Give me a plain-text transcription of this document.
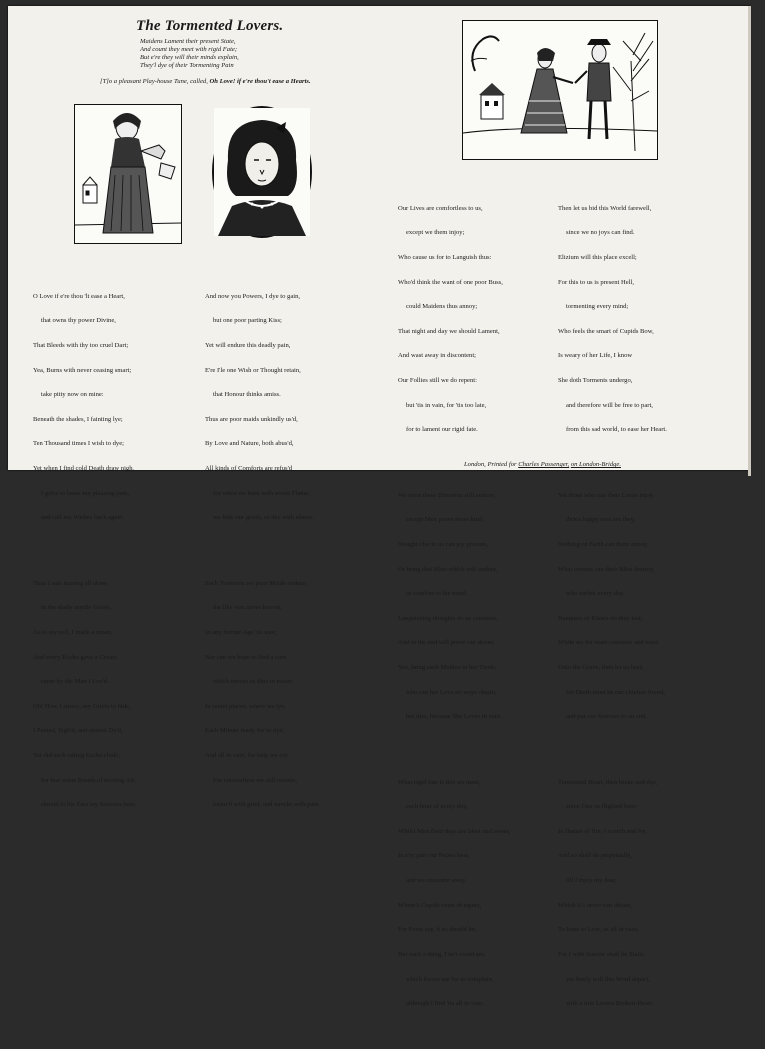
The Tormented Lovers.
Maidens Lament their present State,
And count they meet with rigid Fate;
But e're they will their minds explain,
They'l dye of their Tormenting Pain
[T]o a pleasant Play-house Tune, called, Oh Love! if e're thou't ease a Hearts.

O Love if e're thou 'lt ease a Heart,

that owns thy power Divine,

That Bleeds with thy too cruel Dart;

Yea, Burns with never ceasing smart;

take pitty now on mine:

Beneath the shades, I fainting lye;

Ten Thousand times I wish to dye;

Yet when I find cold Death draw nigh,

I grive to loose my pleasing pain,

and call my Wishes back again.

Thus I sate musing all alone,

in the shady myrtle Grove,

As to my self, I made a moan,

And every Eccho gave a Groan;

came by the Man I Lov'd.

Oh! How I strove, my Griefs to hide,

I Panted, Sigh'd, and almost Dy'd,

Yet did each tatling Eccho chide;

for fear some Breath of moving Air,

should to his Ears my Sorrows bear.

And now you Powers, I dye to gain,

but one poor parting Kiss;

Yet will endure this deadly pain,

E're I'le one Wish or Thought retain,

that Honour thinks amiss.

Thus are poor maids unkindly us'd,

By Love and Nature, both abus'd,

All kinds of Comforts are refus'd

for when we burn with secret Flame,

we hide our griefs, or dye with shame.

Such Torments we poor Maids endure;

the like was never known,

In any former Age 'tis sure,

Nor can we hope to find a cure

which moves us thus to moan:

In secret places, where we lye,

Each Minute ready for to dye;

And all in vain, for help we cry.

For comfortless we still remain,

tortur'd with grief, and wreckt with pain.

Our Lives are comfortless to us,

except we them injoy;

Who cause us for to Languish thus:

Who'd think the want of one poor Buss,

could Maidens thus annoy;

That night and day we should Lament,

And wast away in discontent;

Our Follies still we do repent:

but 'tis in vain, for 'tis too late,

for to lament our rigid fate.

We must these Torments still endure,

except Men prove more kind;

Nought else to us can joy procure,

Or bring that Bliss which will endure,

as comfort to the mind.

Languishing thoughts do us consume,

And in the end will prove our doom;

Yea, bring each Maiden to her Tomb;

who can her Love no ways obtain,

but dies, because She Loves in vain.

What rigid fate is this we meet,

each hour of every day,

Whilst Men their days are blest and sweet,

In e'ry part our Pulses beat,

and we consume away.

Where's Cupids court of equity,

For Poets say, it so should be;

But such a thing, I ne'r could see,

which forces me for to complain,

although I find 'tis all in vain.

Then let us bid this World farewell,

since we no joys can find.

Elizium will this place excell;

For this to us is present Hell,

tormenting every mind;

Who feels the smart of Cupids Bow,

Is weary of her Life, I know

She doth Torments undergo,

and therefore will be free to part,

from this sad world, to ease her Heart.

Yet those who can their Loves injoy,

thrice happy sure are they,

Nothing on Earth can them annoy;

What crosses can their Bliss destroy,

who surfeit every day.

Banquets of Kisses do they tast;

While we for want consume and wast:

Unto the Grave, then let us hast;

for Death must be our chiefest friend,

and put our Sorrows to an end.

Tormented Heart, then brake and dye,

since I'me so flighted here;

In flames of fire, I scorch and fry,

And so shall do perpetually,

till I injoy my dear,

Which if I never can obtain,

To hope to Live, as all in vain;

For I with Sorrow shall be Slain;

yet freely will this Word depart,

with a true Lovers Broken-Heart.

London, Printed for Charles Passenger, on London-Bridge.
